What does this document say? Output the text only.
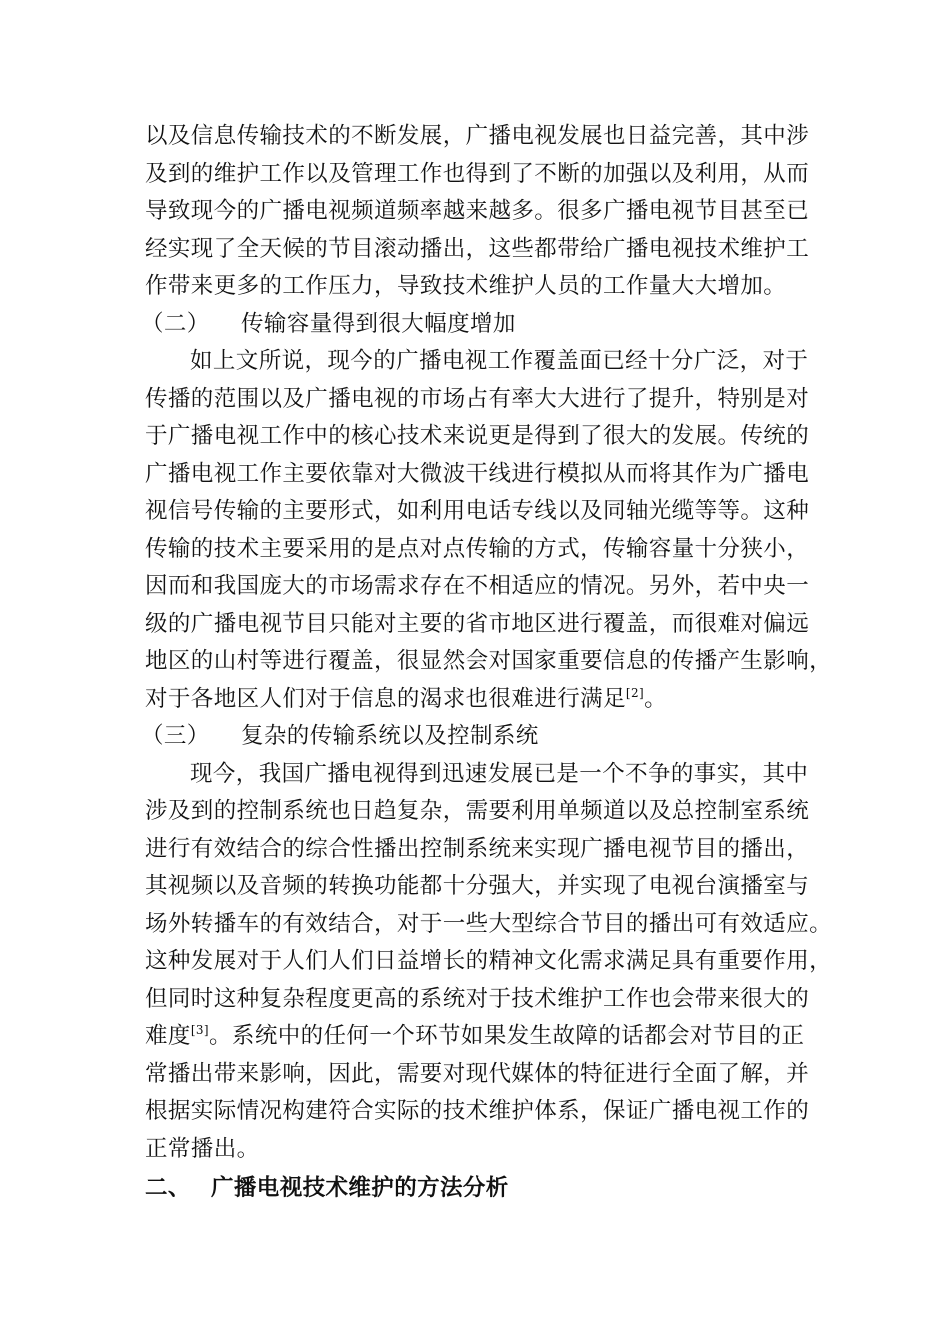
以及信息传输技术的不断发展，广播电视发展也日益完善，其中涉
及到的维护工作以及管理工作也得到了不断的加强以及利用，从而
导致现今的广播电视频道频率越来越多。很多广播电视节目甚至已
经实现了全天候的节目滚动播出，这些都带给广播电视技术维护工
作带来更多的工作压力，导致技术维护人员的工作量大大增加。
（二） 传输容量得到很大幅度增加
如上文所说，现今的广播电视工作覆盖面已经十分广泛，对于
传播的范围以及广播电视的市场占有率大大进行了提升，特别是对
于广播电视工作中的核心技术来说更是得到了很大的发展。传统的
广播电视工作主要依靠对大微波干线进行模拟从而将其作为广播电
视信号传输的主要形式，如利用电话专线以及同轴光缆等等。这种
传输的技术主要采用的是点对点传输的方式，传输容量十分狭小，
因而和我国庞大的市场需求存在不相适应的情况。另外，若中央一
级的广播电视节目只能对主要的省市地区进行覆盖，而很难对偏远
地区的山村等进行覆盖，很显然会对国家重要信息的传播产生影响，
对于各地区人们对于信息的渴求也很难进行满足[2]。
（三） 复杂的传输系统以及控制系统
现今，我国广播电视得到迅速发展已是一个不争的事实，其中
涉及到的控制系统也日趋复杂，需要利用单频道以及总控制室系统
进行有效结合的综合性播出控制系统来实现广播电视节目的播出，
其视频以及音频的转换功能都十分强大，并实现了电视台演播室与
场外转播车的有效结合，对于一些大型综合节目的播出可有效适应。
这种发展对于人们人们日益增长的精神文化需求满足具有重要作用，
但同时这种复杂程度更高的系统对于技术维护工作也会带来很大的
难度[3]。系统中的任何一个环节如果发生故障的话都会对节目的正
常播出带来影响，因此，需要对现代媒体的特征进行全面了解，并
根据实际情况构建符合实际的技术维护体系，保证广播电视工作的
正常播出。
二、 广播电视技术维护的方法分析
